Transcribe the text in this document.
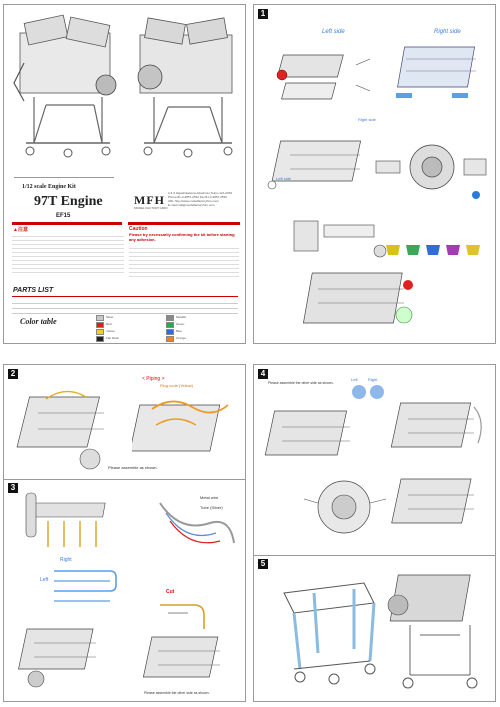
1/12 scale Engine Kit
97T Engine
EF15
MFH
MODEL FACTORY HIRO
2-3-3 Higashikatsura,Adachi-ku,Tokyo 121-0063
Phone:81-3-3857-2532 Fax:81-3-3857-2536
URL:http://www.modelfactoryhiro.com/
E-mail:mail@modelfactoryhiro.com
▲注意	Caution
Please try necessarily confirming the kit before starting any adhesion.
PARTS LIST
Color table	Silver
Red
Yellow
Flat black
Metallic
Green
Blue
Orange
1
Left side	Right side
Right side
Left side
2
< Piping >
Plug code (Yellow)
Please assemble as shown.
3
Metal wire
Tube (Silver)
Right
Left
Cut
Please assemble the other side as shown.
4
Please assemble the other side as shown.
Left	Right
5
